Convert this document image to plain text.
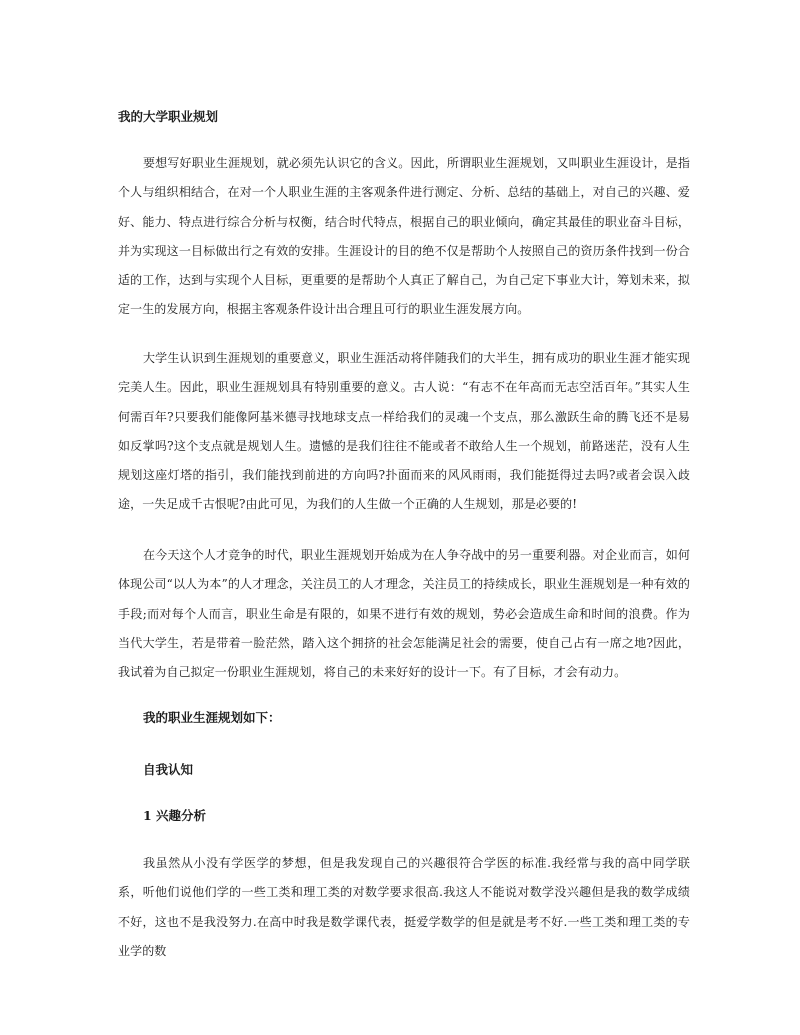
我的大学职业规划

要想写好职业生涯规划，就必须先认识它的含义。因此，所谓职业生涯规划，又叫职业生涯设计，是指个人与组织相结合，在对一个人职业生涯的主客观条件进行测定、分析、总结的基础上，对自己的兴趣、爱好、能力、特点进行综合分析与权衡，结合时代特点，根据自己的职业倾向，确定其最佳的职业奋斗目标，并为实现这一目标做出行之有效的安排。生涯设计的目的绝不仅是帮助个人按照自己的资历条件找到一份合适的工作，达到与实现个人目标，更重要的是帮助个人真正了解自己，为自己定下事业大计，筹划未来，拟定一生的发展方向，根据主客观条件设计出合理且可行的职业生涯发展方向。

大学生认识到生涯规划的重要意义，职业生涯活动将伴随我们的大半生，拥有成功的职业生涯才能实现完美人生。因此，职业生涯规划具有特别重要的意义。古人说：“有志不在年高而无志空活百年。”其实人生何需百年?只要我们能像阿基米德寻找地球支点一样给我们的灵魂一个支点，那么激跃生命的腾飞还不是易如反掌吗?这个支点就是规划人生。遗憾的是我们往往不能或者不敢给人生一个规划，前路迷茫，没有人生规划这座灯塔的指引，我们能找到前进的方向吗?扑面而来的风风雨雨，我们能挺得过去吗?或者会误入歧途，一失足成千古恨呢?由此可见，为我们的人生做一个正确的人生规划，那是必要的!

在今天这个人才竞争的时代，职业生涯规划开始成为在人争夺战中的另一重要利器。对企业而言，如何体现公司“以人为本”的人才理念，关注员工的人才理念，关注员工的持续成长，职业生涯规划是一种有效的手段;而对每个人而言，职业生命是有限的，如果不进行有效的规划，势必会造成生命和时间的浪费。作为当代大学生，若是带着一脸茫然，踏入这个拥挤的社会怎能满足社会的需要，使自己占有一席之地?因此，我试着为自己拟定一份职业生涯规划，将自己的未来好好的设计一下。有了目标，才会有动力。

我的职业生涯规划如下：
自我认知
1 兴趣分析

我虽然从小没有学医学的梦想，但是我发现自己的兴趣很符合学医的标准.我经常与我的高中同学联系，听他们说他们学的一些工类和理工类的对数学要求很高.我这人不能说对数学没兴趣但是我的数学成绩不好，这也不是我没努力.在高中时我是数学课代表，挺爱学数学的但是就是考不好.一些工类和理工类的专业学的数
